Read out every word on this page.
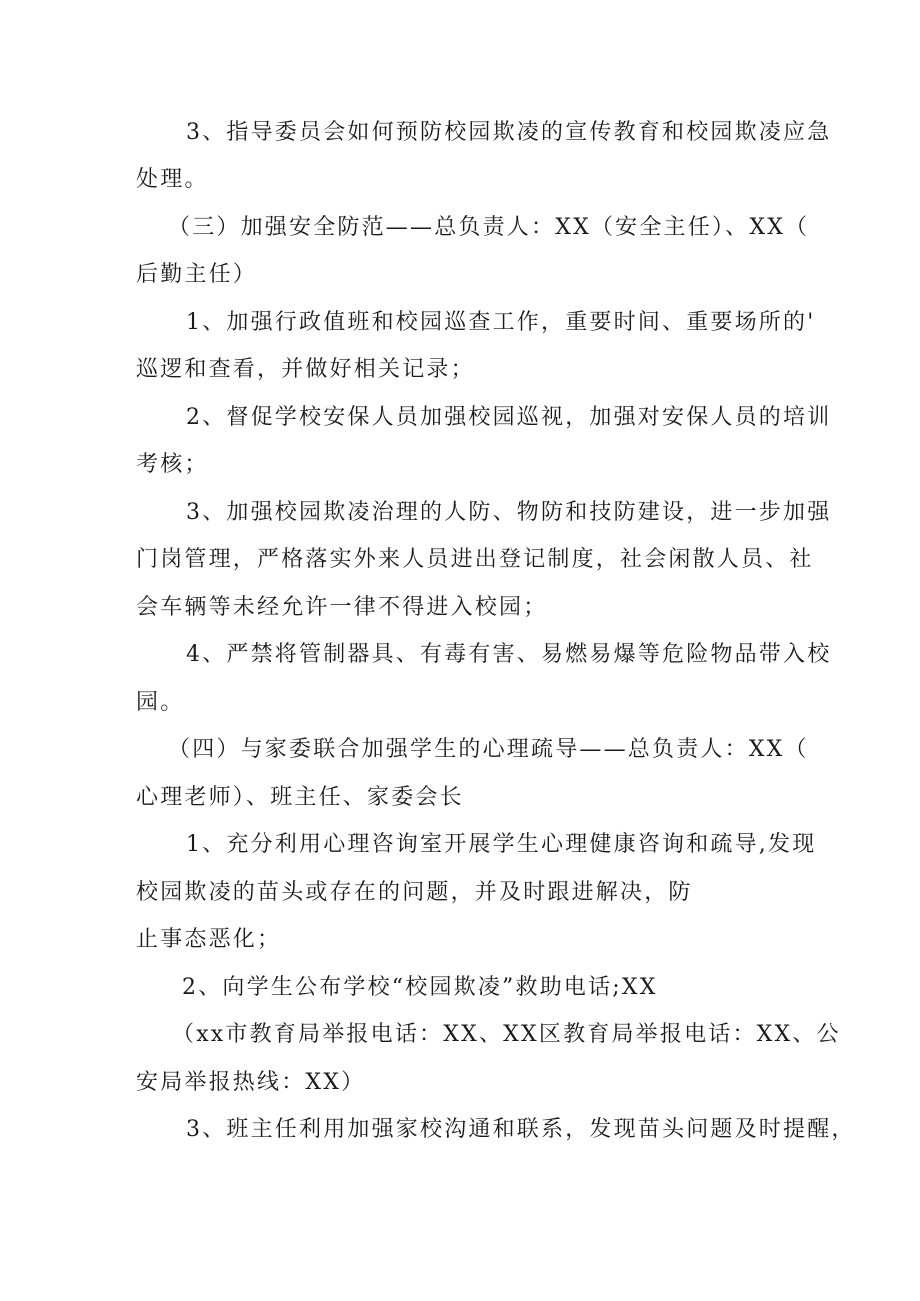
3、指导委员会如何预防校园欺凌的宣传教育和校园欺凌应急
处理。
（三）加强安全防范——总负责人：XX（安全主任）、XX（
后勤主任）
1、加强行政值班和校园巡查工作，重要时间、重要场所的'
巡逻和查看，并做好相关记录；
2、督促学校安保人员加强校园巡视，加强对安保人员的培训
考核；
3、加强校园欺凌治理的人防、物防和技防建设，进一步加强
门岗管理，严格落实外来人员进出登记制度，社会闲散人员、社
会车辆等未经允许一律不得进入校园；
4、严禁将管制器具、有毒有害、易燃易爆等危险物品带入校
园。
（四）与家委联合加强学生的心理疏导——总负责人：XX（
心理老师）、班主任、家委会长
1、充分利用心理咨询室开展学生心理健康咨询和疏导,发现
校园欺凌的苗头或存在的问题，并及时跟进解决，防
止事态恶化；
2、向学生公布学校“校园欺凌”救助电话;XX
（xx市教育局举报电话：XX、XX区教育局举报电话：XX、公
安局举报热线：XX）
3、班主任利用加强家校沟通和联系，发现苗头问题及时提醒，
